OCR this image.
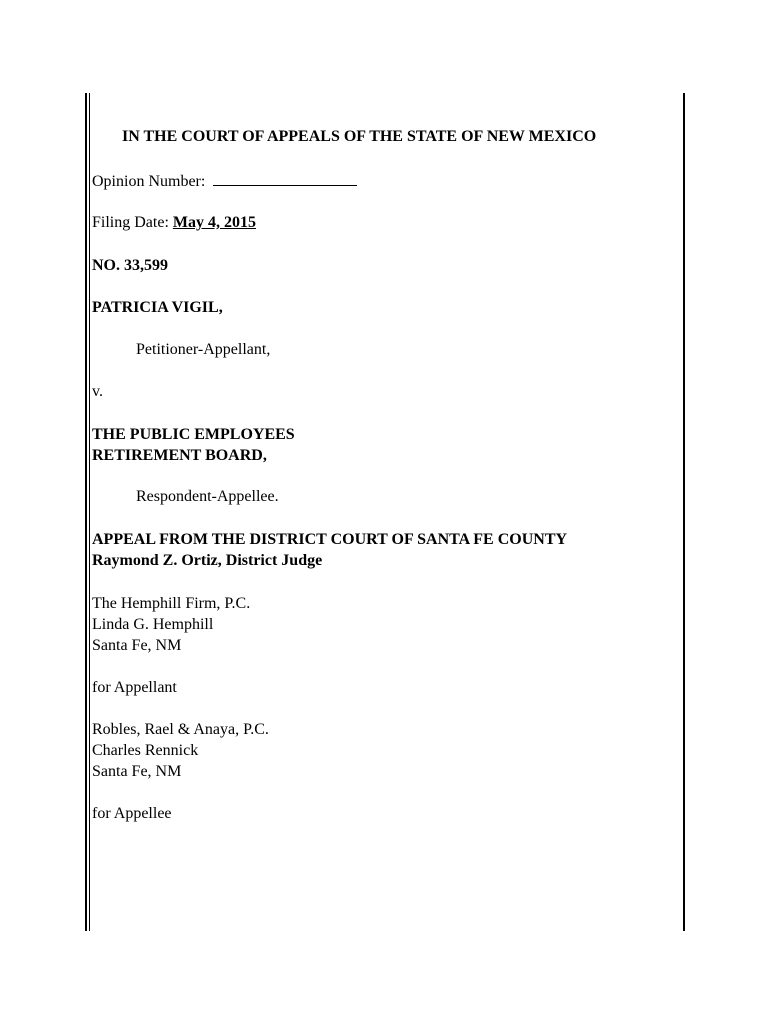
IN THE COURT OF APPEALS OF THE STATE OF NEW MEXICO
Opinion Number:
Filing Date: May 4, 2015
NO. 33,599
PATRICIA VIGIL,
Petitioner-Appellant,
v.
THE PUBLIC EMPLOYEES
RETIREMENT BOARD,
Respondent-Appellee.
APPEAL FROM THE DISTRICT COURT OF SANTA FE COUNTY
Raymond Z. Ortiz, District Judge
The Hemphill Firm, P.C.
Linda G. Hemphill
Santa Fe, NM
for Appellant
Robles, Rael & Anaya, P.C.
Charles Rennick
Santa Fe, NM
for Appellee
